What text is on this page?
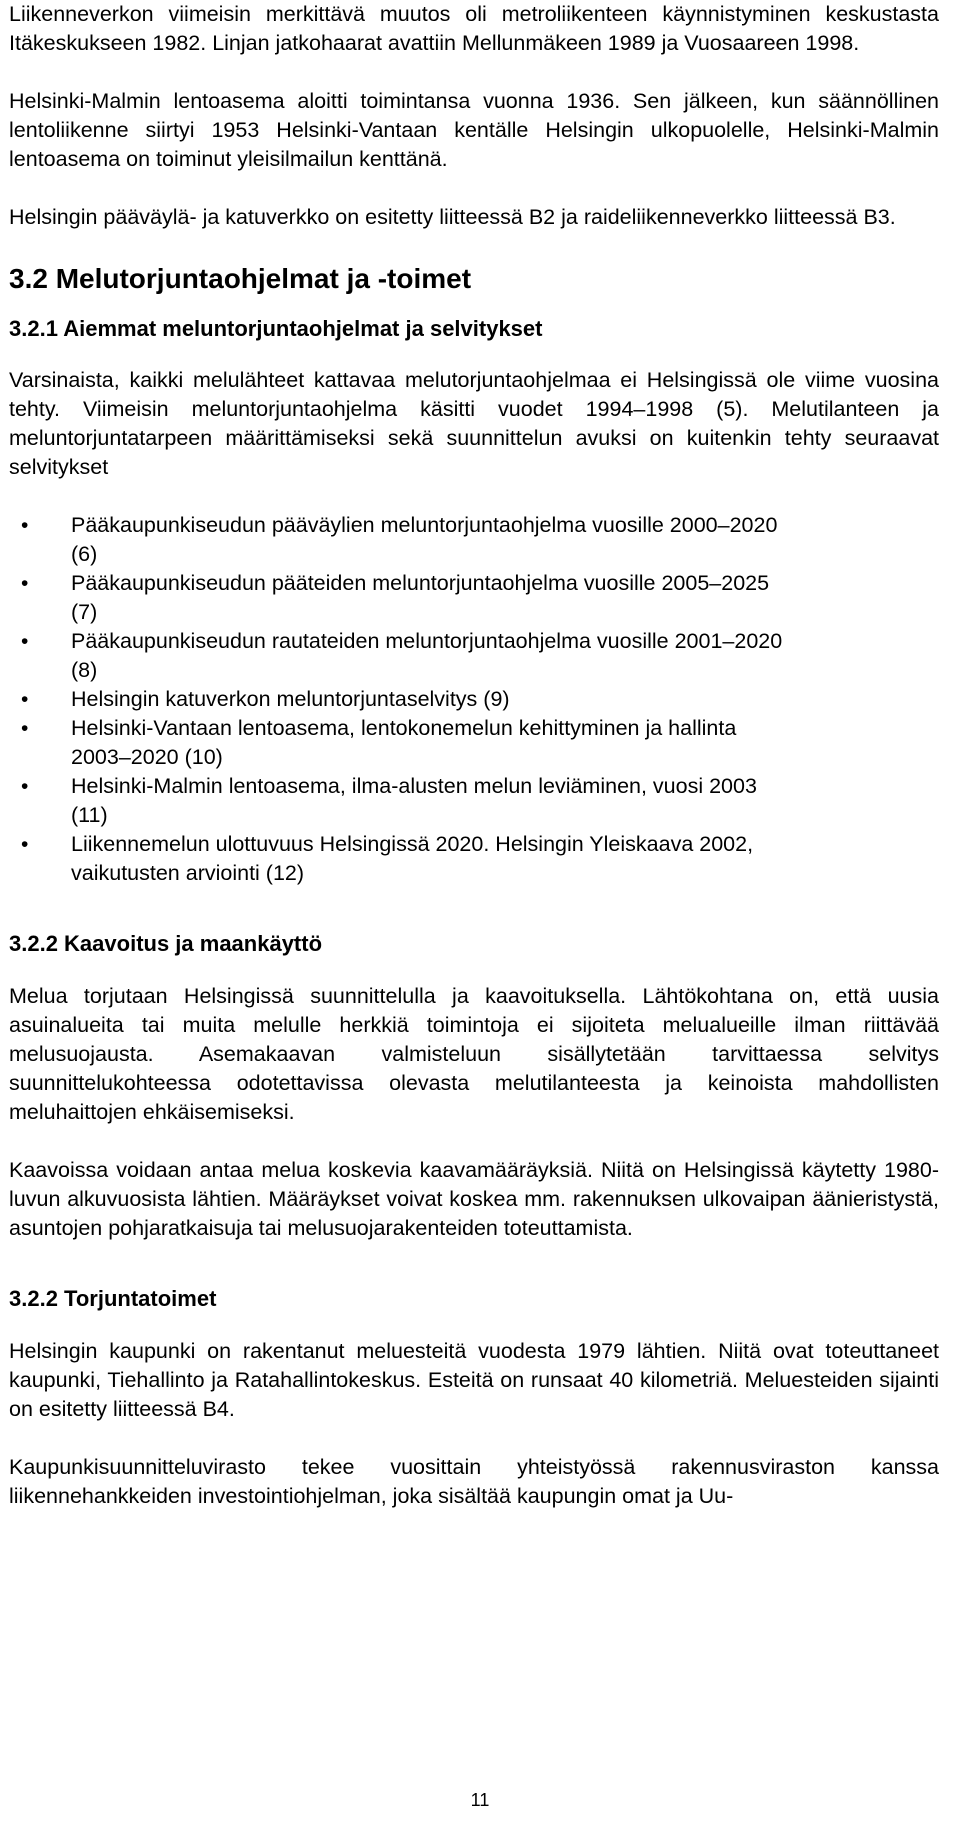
Liikenneverkon viimeisin merkittävä muutos oli metroliikenteen käynnistyminen keskustasta Itäkeskukseen 1982. Linjan jatkohaarat avattiin Mellunmäkeen 1989 ja Vuosaareen 1998.

Helsinki-Malmin lentoasema aloitti toimintansa vuonna 1936. Sen jälkeen, kun säännöllinen lentoliikenne siirtyi 1953 Helsinki-Vantaan kentälle Helsingin ulkopuolelle, Helsinki-Malmin lentoasema on toiminut yleisilmailun kenttänä.

Helsingin pääväylä- ja katuverkko on esitetty liitteessä B2 ja raideliikenneverkko liitteessä B3.

3.2 Melutorjuntaohjelmat ja -toimet
3.2.1 Aiemmat meluntorjuntaohjelmat ja selvitykset

Varsinaista, kaikki melulähteet kattavaa melutorjuntaohjelmaa ei Helsingissä ole viime vuosina tehty. Viimeisin meluntorjuntaohjelma käsitti vuodet 1994–1998 (5). Melutilanteen ja meluntorjuntatarpeen määrittämiseksi sekä suunnittelun avuksi on kuitenkin tehty seuraavat selvitykset

• Pääkaupunkiseudun pääväylien meluntorjuntaohjelma vuosille 2000–2020 (6)
• Pääkaupunkiseudun pääteiden meluntorjuntaohjelma vuosille 2005–2025 (7)
• Pääkaupunkiseudun rautateiden meluntorjuntaohjelma vuosille 2001–2020 (8)
• Helsingin katuverkon meluntorjuntaselvitys (9)
• Helsinki-Vantaan lentoasema, lentokonemelun kehittyminen ja hallinta 2003–2020 (10)
• Helsinki-Malmin lentoasema, ilma-alusten melun leviäminen, vuosi 2003 (11)
• Liikennemelun ulottuvuus Helsingissä 2020. Helsingin Yleiskaava 2002, vaikutusten arviointi (12)
3.2.2 Kaavoitus ja maankäyttö

Melua torjutaan Helsingissä suunnittelulla ja kaavoituksella. Lähtökohtana on, että uusia asuinalueita tai muita melulle herkkiä toimintoja ei sijoiteta melualueille ilman riittävää melusuojausta. Asemakaavan valmisteluun sisällytetään tarvittaessa selvitys suunnittelukohteessa odotettavissa olevasta melutilanteesta ja keinoista mahdollisten meluhaittojen ehkäisemiseksi.

Kaavoissa voidaan antaa melua koskevia kaavamääräyksiä. Niitä on Helsingissä käytetty 1980-luvun alkuvuosista lähtien. Määräykset voivat koskea mm. rakennuksen ulkovaipan äänieristystä, asuntojen pohjaratkaisuja tai melusuojarakenteiden toteuttamista.

3.2.2 Torjuntatoimet

Helsingin kaupunki on rakentanut meluesteitä vuodesta 1979 lähtien. Niitä ovat toteuttaneet kaupunki, Tiehallinto ja Ratahallintokeskus. Esteitä on runsaat 40 kilometriä. Meluesteiden sijainti on esitetty liitteessä B4.

Kaupunkisuunnitteluvirasto tekee vuosittain yhteistyössä rakennusviraston kanssa liikennehankkeiden investointiohjelman, joka sisältää kaupungin omat ja Uu-

11
